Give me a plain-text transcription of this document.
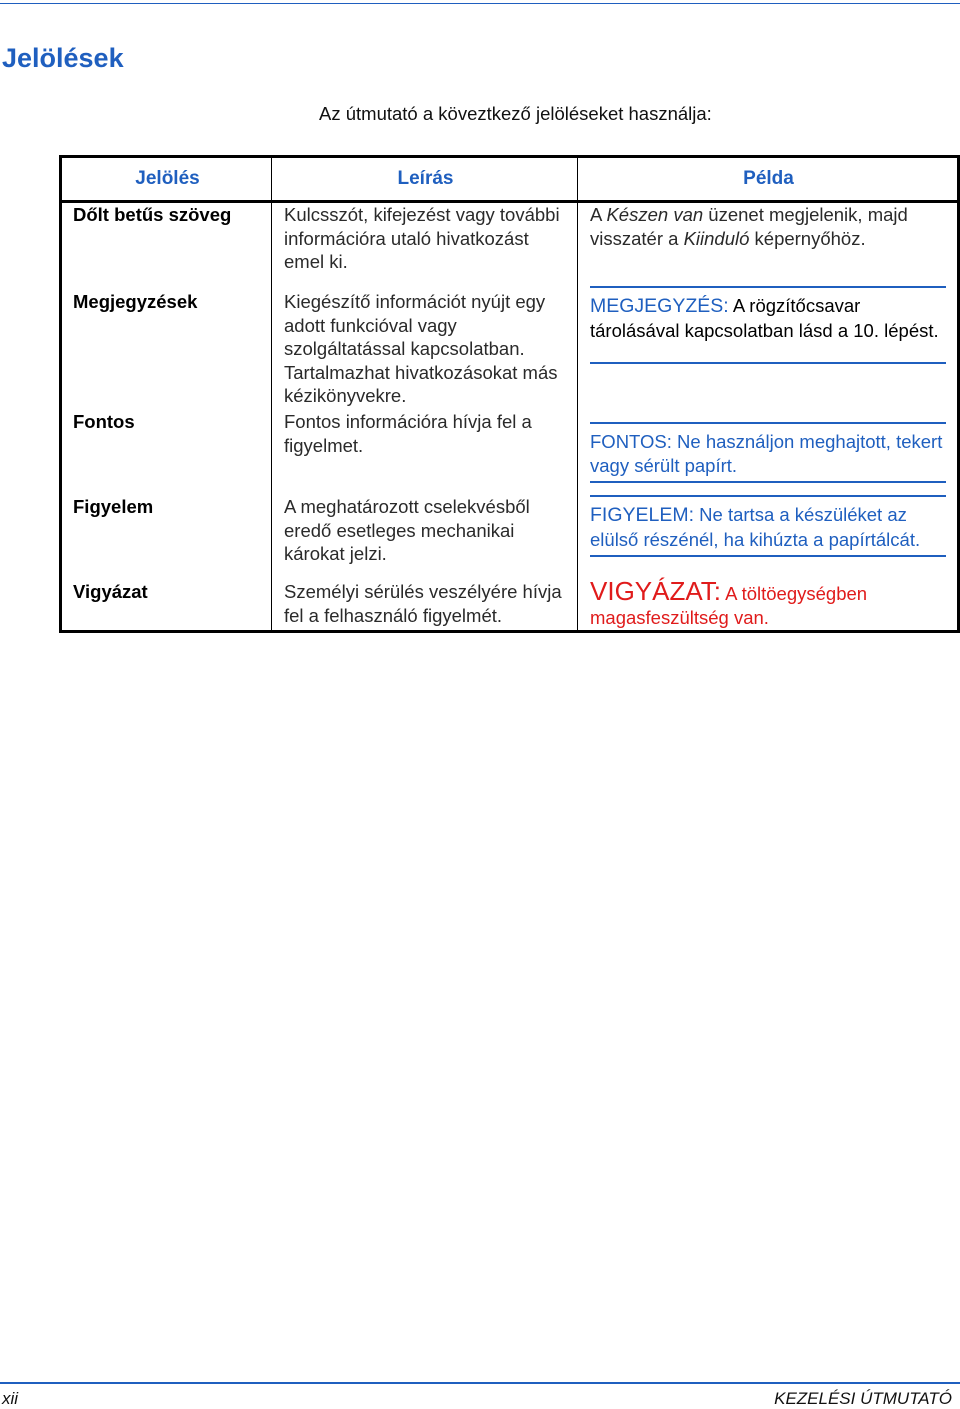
Jelölések
Az útmutató a köveztkező jelöléseket használja:
Jelölés	Leírás	Példa
Dőlt betűs szöveg	Kulcsszót, kifejezést vagy további információra utaló hivatkozást emel ki.	A Készen van üzenet megjelenik, majd visszatér a Kiinduló képernyőhöz.
Megjegyzések	Kiegészítő információt nyújt egy adott funkcióval vagy szolgáltatással kapcsolatban. Tartalmazhat hivatkozásokat más kézikönyvekre.	MEGJEGYZÉS: A rögzítőcsavar tárolásával kapcsolatban lásd a 10. lépést.

Fontos	Fontos információra hívja fel a figyelmet.	FONTOS: Ne használjon meghajtott, tekert vagy sérült papírt.

Figyelem	A meghatározott cselekvésből eredő esetleges mechanikai károkat jelzi.	FIGYELEM: Ne tartsa a készüléket az elülső részénél, ha kihúzta a papírtálcát.

Vigyázat	Személyi sérülés veszélyére hívja fel a felhasználó figyelmét.	VIGYÁZAT: A töltöegységben magasfeszültség van.
xii	KEZELÉSI ÚTMUTATÓ
